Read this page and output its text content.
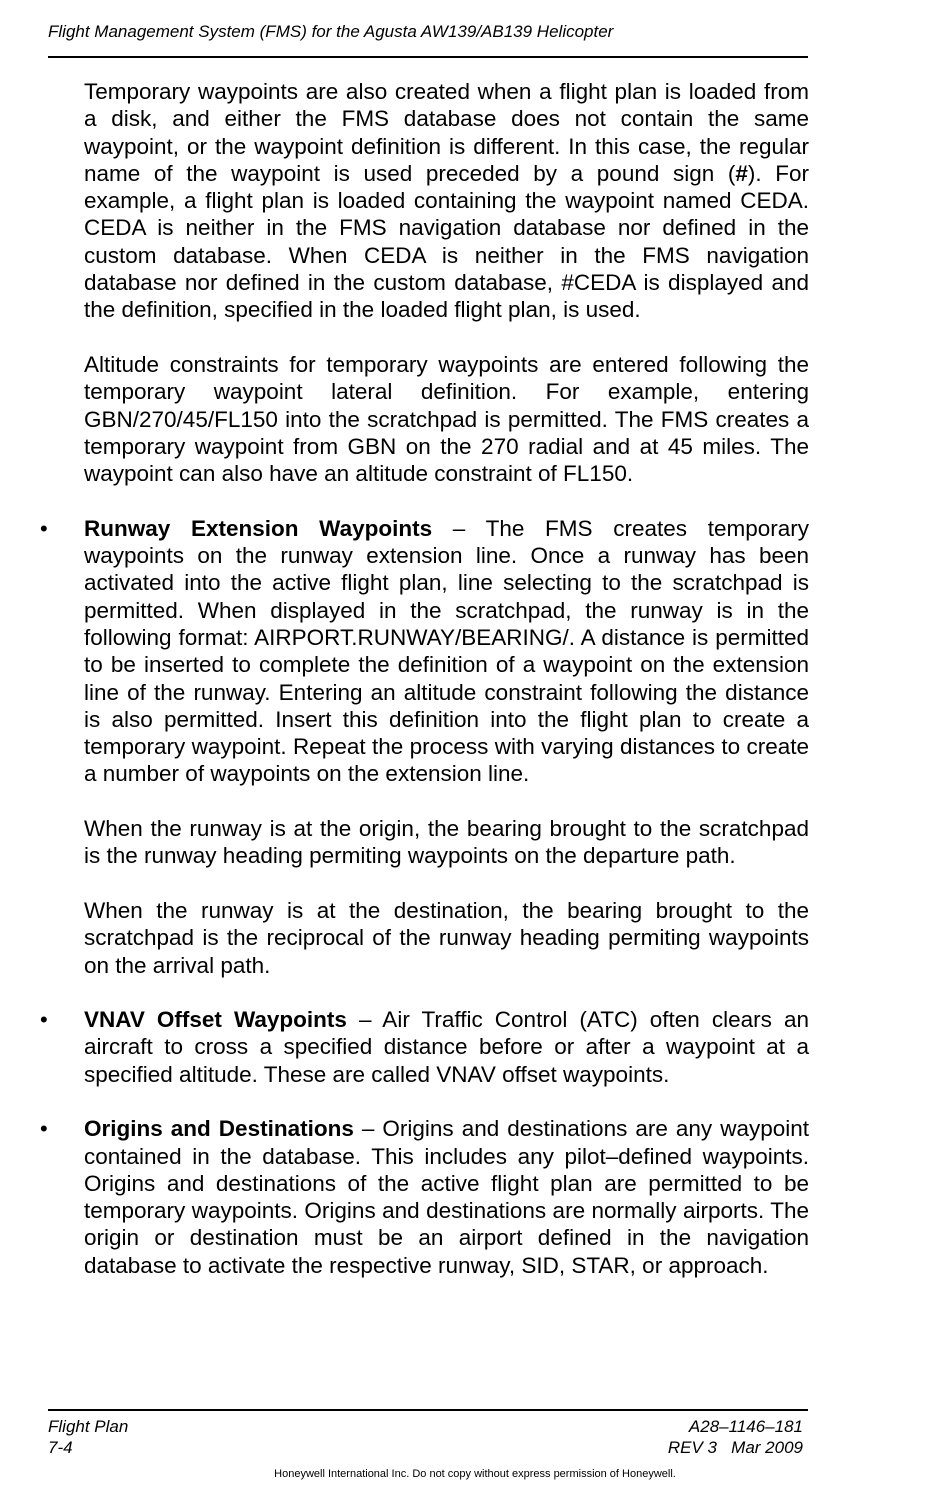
Flight Management System (FMS) for the Agusta AW139/AB139 Helicopter

Temporary waypoints are also created when a flight plan is loaded from a disk, and either the FMS database does not contain the same waypoint, or the waypoint definition is different. In this case, the regular name of the waypoint is used preceded by a pound sign (#). For example, a flight plan is loaded containing the waypoint named CEDA. CEDA is neither in the FMS navigation database nor defined in the custom database. When CEDA is neither in the FMS navigation database nor defined in the custom database, #CEDA is displayed and the definition, specified in the loaded flight plan, is used.

Altitude constraints for temporary waypoints are entered following the temporary waypoint lateral definition. For example, entering GBN/270/45/FL150 into the scratchpad is permitted. The FMS creates a temporary waypoint from GBN on the 270 radial and at 45 miles. The waypoint can also have an altitude constraint of FL150.

• Runway Extension Waypoints – The FMS creates temporary waypoints on the runway extension line. Once a runway has been activated into the active flight plan, line selecting to the scratchpad is permitted. When displayed in the scratchpad, the runway is in the following format: AIRPORT.RUNWAY/BEARING/. A distance is permitted to be inserted to complete the definition of a waypoint on the extension line of the runway. Entering an altitude constraint following the distance is also permitted. Insert this definition into the flight plan to create a temporary waypoint. Repeat the process with varying distances to create a number of waypoints on the extension line.

When the runway is at the origin, the bearing brought to the scratchpad is the runway heading permiting waypoints on the departure path.

When the runway is at the destination, the bearing brought to the scratchpad is the reciprocal of the runway heading permiting waypoints on the arrival path.

• VNAV Offset Waypoints – Air Traffic Control (ATC) often clears an aircraft to cross a specified distance before or after a waypoint at a specified altitude. These are called VNAV offset waypoints.

• Origins and Destinations – Origins and destinations are any waypoint contained in the database. This includes any pilot–defined waypoints. Origins and destinations of the active flight plan are permitted to be temporary waypoints. Origins and destinations are normally airports. The origin or destination must be an airport defined in the navigation database to activate the respective runway, SID, STAR, or approach.

Flight Plan	A28–1146–181
7-4	REV 3   Mar 2009
Honeywell International Inc. Do not copy without express permission of Honeywell.
